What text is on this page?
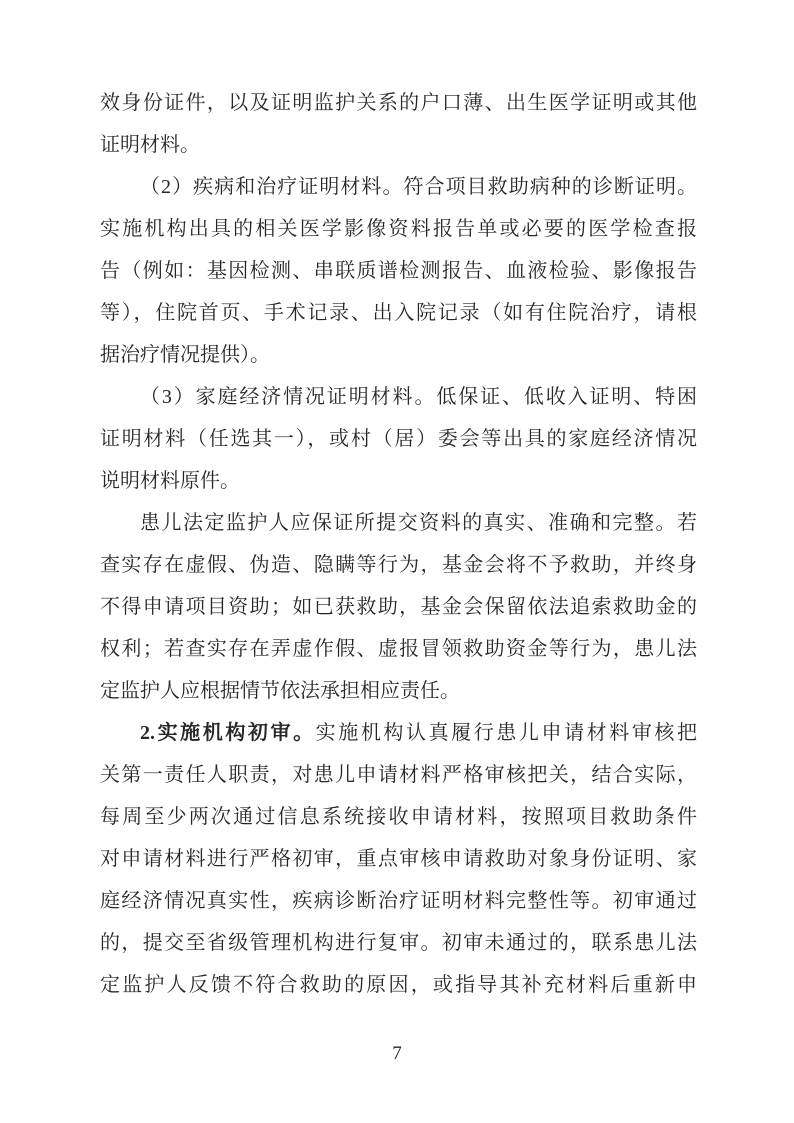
效身份证件，以及证明监护关系的户口薄、出生医学证明或其他
证明材料。
（2）疾病和治疗证明材料。符合项目救助病种的诊断证明。
实施机构出具的相关医学影像资料报告单或必要的医学检查报
告（例如：基因检测、串联质谱检测报告、血液检验、影像报告
等），住院首页、手术记录、出入院记录（如有住院治疗，请根
据治疗情况提供）。
（3）家庭经济情况证明材料。低保证、低收入证明、特困
证明材料（任选其一），或村（居）委会等出具的家庭经济情况
说明材料原件。
患儿法定监护人应保证所提交资料的真实、准确和完整。若
查实存在虚假、伪造、隐瞒等行为，基金会将不予救助，并终身
不得申请项目资助；如已获救助，基金会保留依法追索救助金的
权利；若查实存在弄虚作假、虚报冒领救助资金等行为，患儿法
定监护人应根据情节依法承担相应责任。
2.实施机构初审。实施机构认真履行患儿申请材料审核把
关第一责任人职责，对患儿申请材料严格审核把关，结合实际，
每周至少两次通过信息系统接收申请材料，按照项目救助条件
对申请材料进行严格初审，重点审核申请救助对象身份证明、家
庭经济情况真实性，疾病诊断治疗证明材料完整性等。初审通过
的，提交至省级管理机构进行复审。初审未通过的，联系患儿法
定监护人反馈不符合救助的原因，或指导其补充材料后重新申
7
